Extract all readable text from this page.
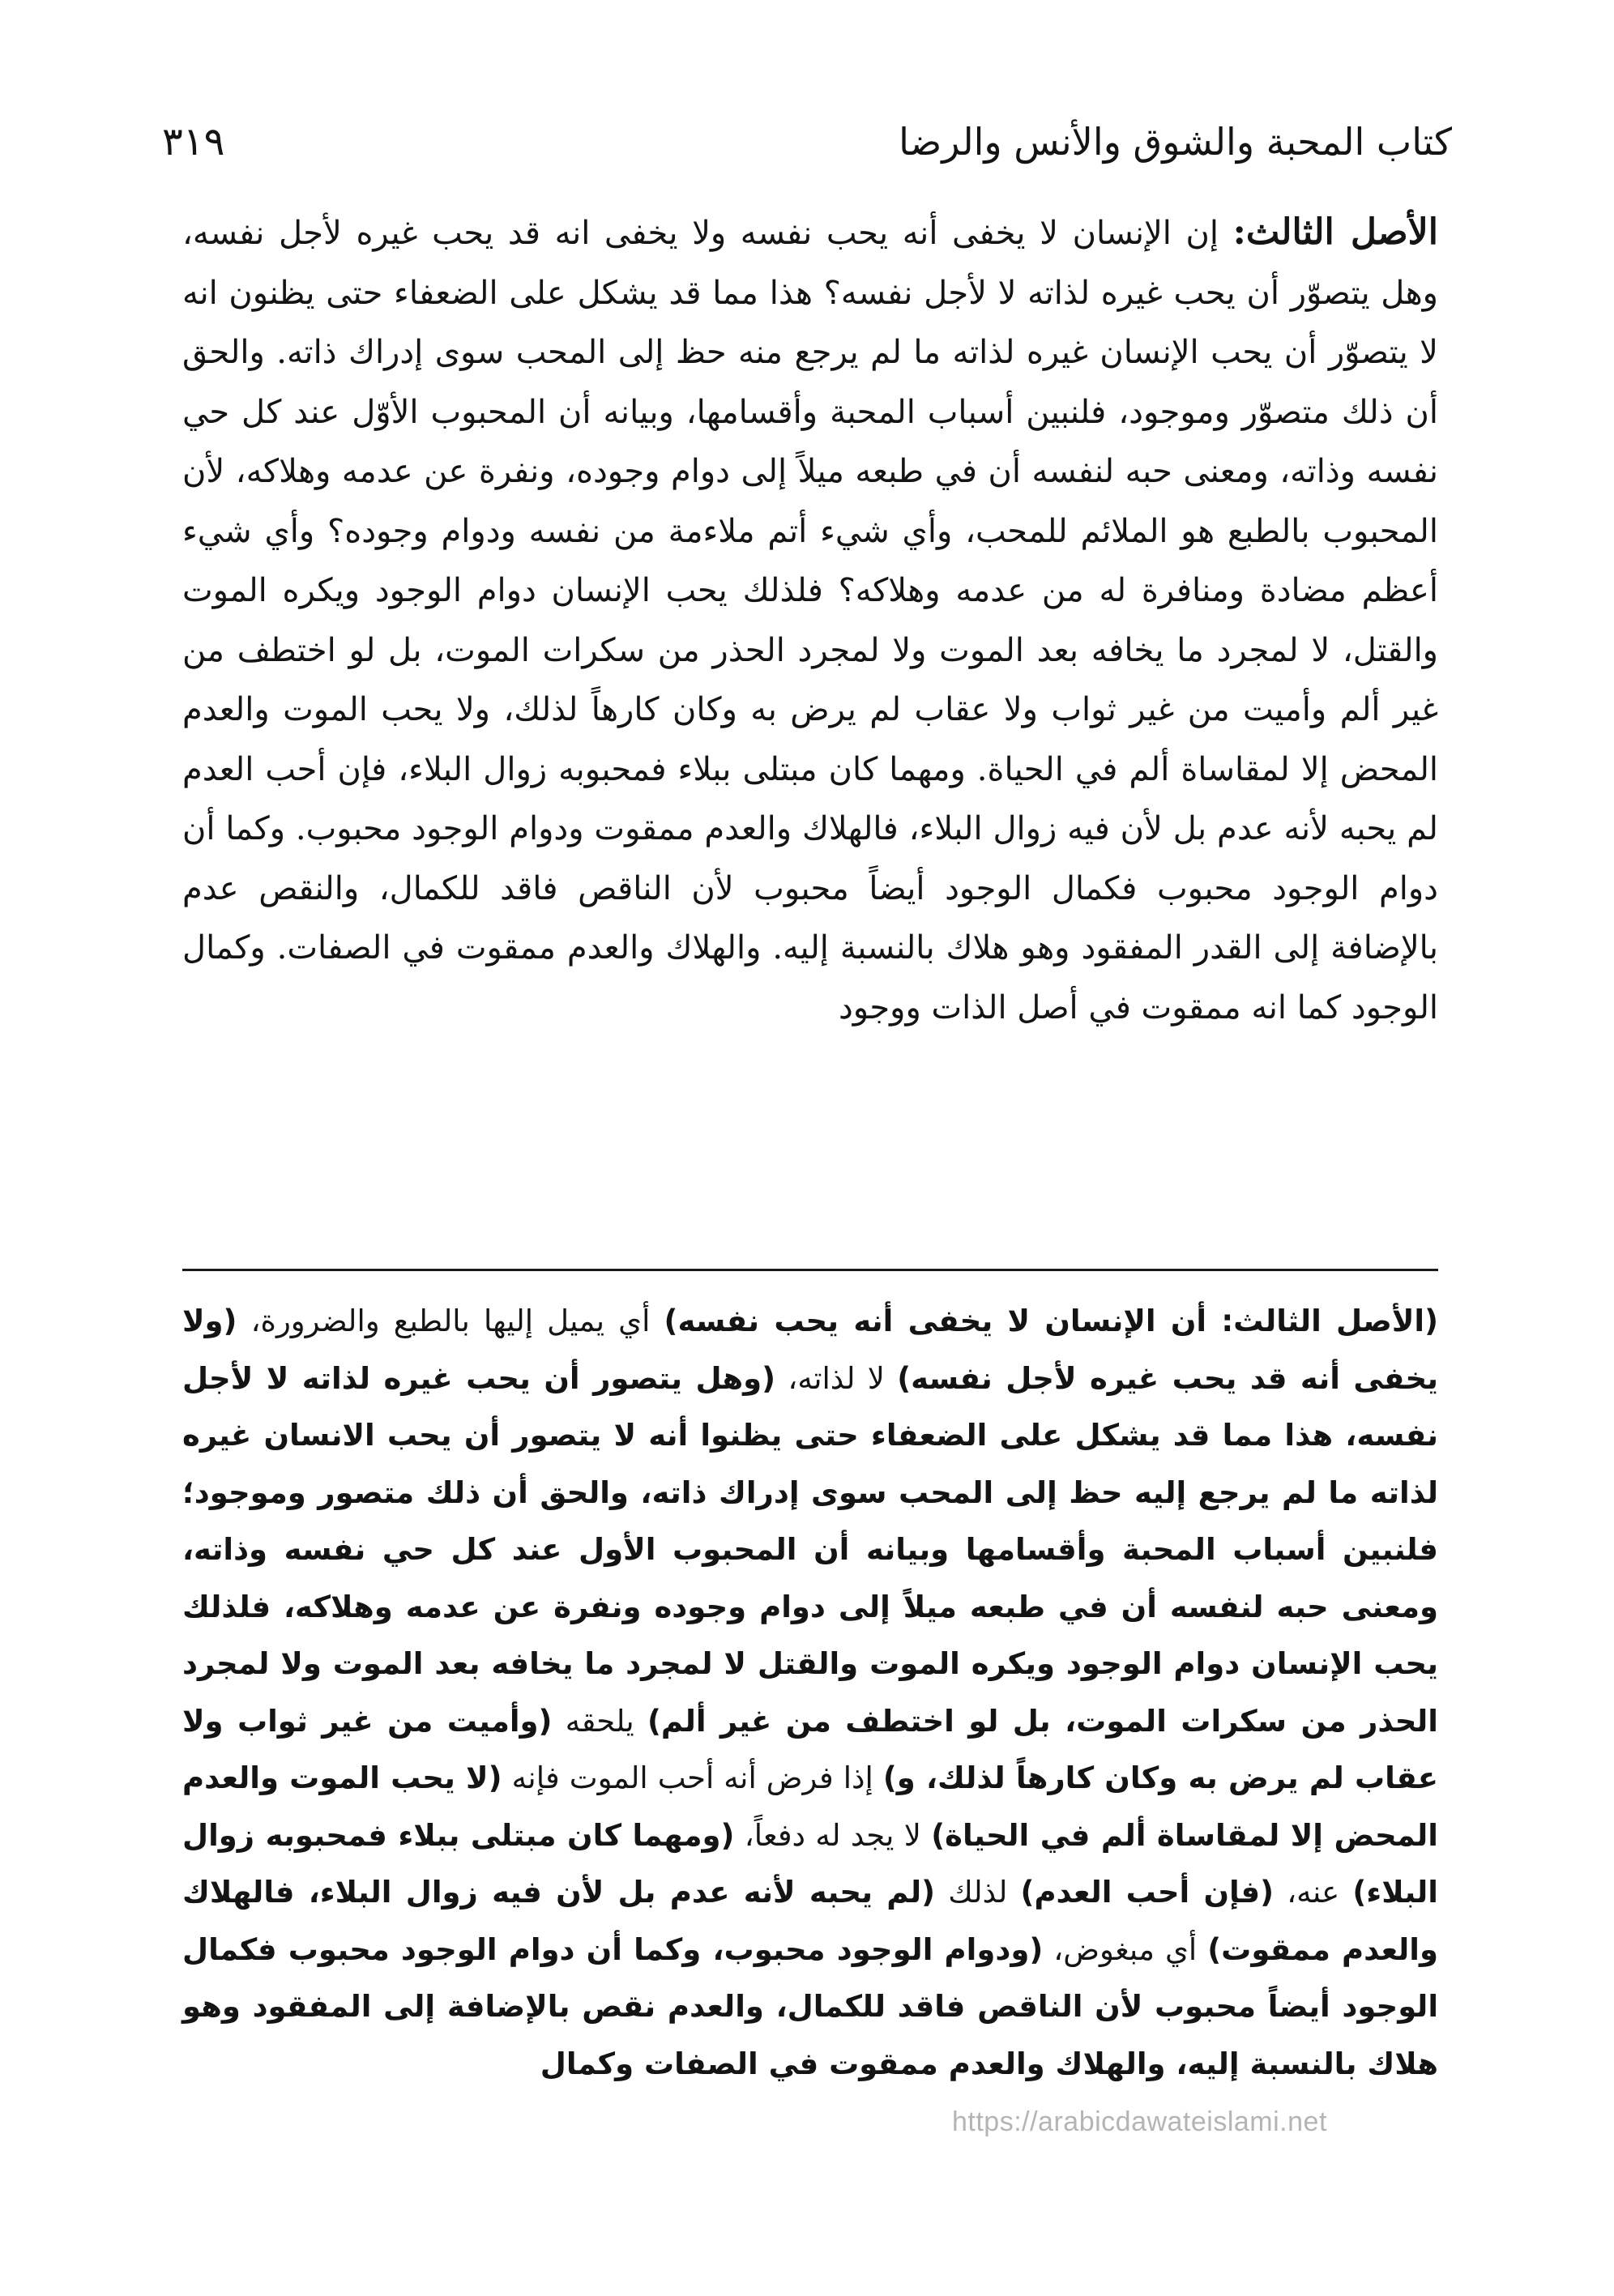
كتاب المحبة والشوق والأنس والرضا
٣١٩
الأصل الثالث: إن الإنسان لا يخفى أنه يحب نفسه ولا يخفى انه قد يحب غيره لأجل نفسه، وهل يتصوّر أن يحب غيره لذاته لا لأجل نفسه؟ هذا مما قد يشكل على الضعفاء حتى يظنون انه لا يتصوّر أن يحب الإنسان غيره لذاته ما لم يرجع منه حظ إلى المحب سوى إدراك ذاته. والحق أن ذلك متصوّر وموجود، فلنبين أسباب المحبة وأقسامها، وبيانه أن المحبوب الأوّل عند كل حي نفسه وذاته، ومعنى حبه لنفسه أن في طبعه ميلاً إلى دوام وجوده، ونفرة عن عدمه وهلاكه، لأن المحبوب بالطبع هو الملائم للمحب، وأي شيء أتم ملاءمة من نفسه ودوام وجوده؟ وأي شيء أعظم مضادة ومنافرة له من عدمه وهلاكه؟ فلذلك يحب الإنسان دوام الوجود ويكره الموت والقتل، لا لمجرد ما يخافه بعد الموت ولا لمجرد الحذر من سكرات الموت، بل لو اختطف من غير ألم وأميت من غير ثواب ولا عقاب لم يرض به وكان كارهاً لذلك، ولا يحب الموت والعدم المحض إلا لمقاساة ألم في الحياة. ومهما كان مبتلى ببلاء فمحبوبه زوال البلاء، فإن أحب العدم لم يحبه لأنه عدم بل لأن فيه زوال البلاء، فالهلاك والعدم ممقوت ودوام الوجود محبوب. وكما أن دوام الوجود محبوب فكمال الوجود أيضاً محبوب لأن الناقص فاقد للكمال، والنقص عدم بالإضافة إلى القدر المفقود وهو هلاك بالنسبة إليه. والهلاك والعدم ممقوت في الصفات. وكمال الوجود كما انه ممقوت في أصل الذات ووجود
(الأصل الثالث: أن الإنسان لا يخفى أنه يحب نفسه) أي يميل إليها بالطبع والضرورة، (ولا يخفى أنه قد يحب غيره لأجل نفسه) لا لذاته، (وهل يتصور أن يحب غيره لذاته لا لأجل نفسه، هذا مما قد يشكل على الضعفاء حتى يظنوا أنه لا يتصور أن يحب الانسان غيره لذاته ما لم يرجع إليه حظ إلى المحب سوى إدراك ذاته، والحق أن ذلك متصور وموجود؛ فلنبين أسباب المحبة وأقسامها وبيانه أن المحبوب الأول عند كل حي نفسه وذاته، ومعنى حبه لنفسه أن في طبعه ميلاً إلى دوام وجوده ونفرة عن عدمه وهلاكه، فلذلك يحب الإنسان دوام الوجود ويكره الموت والقتل لا لمجرد ما يخافه بعد الموت ولا لمجرد الحذر من سكرات الموت، بل لو اختطف من غير ألم) يلحقه (وأميت من غير ثواب ولا عقاب لم يرض به وكان كارهاً لذلك، و) إذا فرض أنه أحب الموت فإنه (لا يحب الموت والعدم المحض إلا لمقاساة ألم في الحياة) لا يجد له دفعاً، (ومهما كان مبتلى ببلاء فمحبوبه زوال البلاء) عنه، (فإن أحب العدم) لذلك (لم يحبه لأنه عدم بل لأن فيه زوال البلاء، فالهلاك والعدم ممقوت) أي مبغوض، (ودوام الوجود محبوب، وكما أن دوام الوجود محبوب فكمال الوجود أيضاً محبوب لأن الناقص فاقد للكمال، والعدم نقص بالإضافة إلى المفقود وهو هلاك بالنسبة إليه، والهلاك والعدم ممقوت في الصفات وكمال
https://arabicdawateislami.net
